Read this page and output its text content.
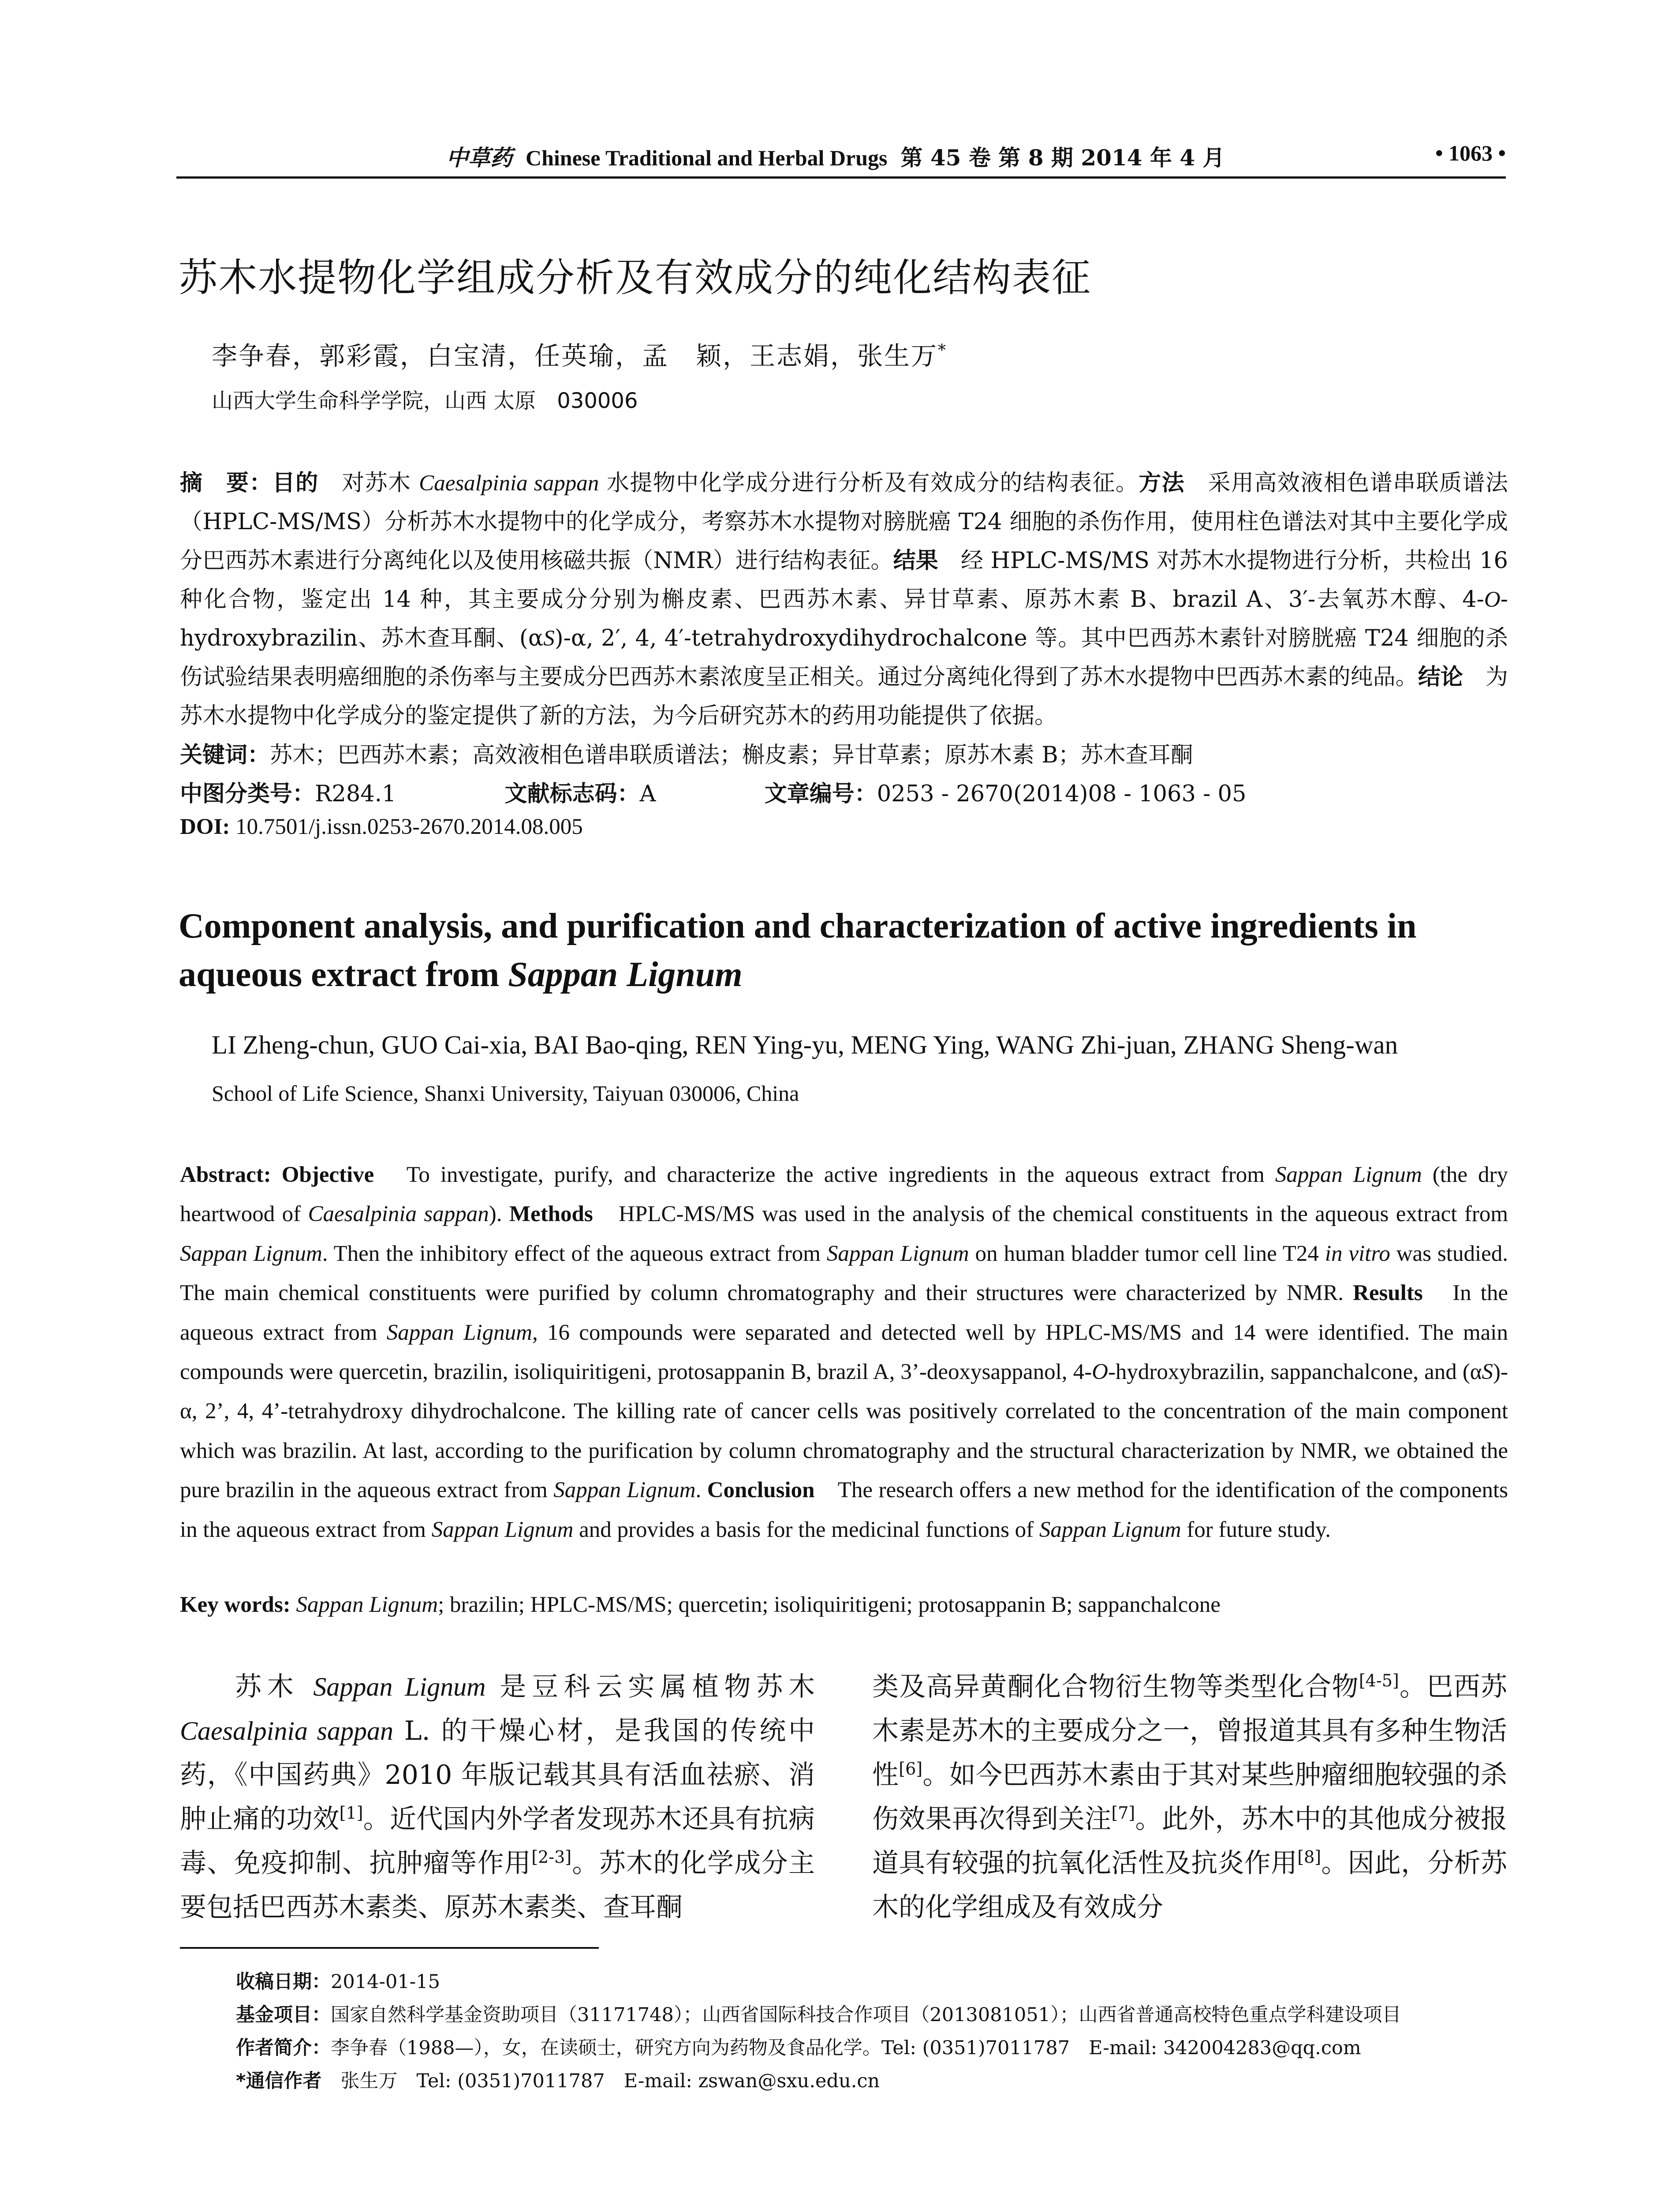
中草药 Chinese Traditional and Herbal Drugs 第 45 卷 第 8 期 2014 年 4 月	• 1063 •
苏木水提物化学组成分析及有效成分的纯化结构表征
李争春，郭彩霞，白宝清，任英瑜，孟　颖，王志娟，张生万*
山西大学生命科学学院，山西 太原　030006
摘　要：目的　对苏木 Caesalpinia sappan 水提物中化学成分进行分析及有效成分的结构表征。方法　采用高效液相色谱串联质谱法（HPLC-MS/MS）分析苏木水提物中的化学成分，考察苏木水提物对膀胱癌 T24 细胞的杀伤作用，使用柱色谱法对其中主要化学成分巴西苏木素进行分离纯化以及使用核磁共振（NMR）进行结构表征。结果　经 HPLC-MS/MS 对苏木水提物进行分析，共检出 16 种化合物，鉴定出 14 种，其主要成分分别为槲皮素、巴西苏木素、异甘草素、原苏木素 B、brazil A、3′-去氧苏木醇、4-O-hydroxybrazilin、苏木查耳酮、(αS)-α, 2′, 4, 4′-tetrahydroxydihydrochalcone 等。其中巴西苏木素针对膀胱癌 T24 细胞的杀伤试验结果表明癌细胞的杀伤率与主要成分巴西苏木素浓度呈正相关。通过分离纯化得到了苏木水提物中巴西苏木素的纯品。结论　为苏木水提物中化学成分的鉴定提供了新的方法，为今后研究苏木的药用功能提供了依据。
关键词：苏木；巴西苏木素；高效液相色谱串联质谱法；槲皮素；异甘草素；原苏木素 B；苏木查耳酮
中图分类号：R284.1	文献标志码：A	文章编号：0253 - 2670(2014)08 - 1063 - 05
DOI: 10.7501/j.issn.0253-2670.2014.08.005
Component analysis, and purification and characterization of active ingredients in aqueous extract from Sappan Lignum
LI Zheng-chun, GUO Cai-xia, BAI Bao-qing, REN Ying-yu, MENG Ying, WANG Zhi-juan, ZHANG Sheng-wan
School of Life Science, Shanxi University, Taiyuan 030006, China
Abstract: Objective　To investigate, purify, and characterize the active ingredients in the aqueous extract from Sappan Lignum (the dry heartwood of Caesalpinia sappan). Methods　HPLC-MS/MS was used in the analysis of the chemical constituents in the aqueous extract from Sappan Lignum. Then the inhibitory effect of the aqueous extract from Sappan Lignum on human bladder tumor cell line T24 in vitro was studied. The main chemical constituents were purified by column chromatography and their structures were characterized by NMR. Results　In the aqueous extract from Sappan Lignum, 16 compounds were separated and detected well by HPLC-MS/MS and 14 were identified. The main compounds were quercetin, brazilin, isoliquiritigeni, protosappanin B, brazil A, 3’-deoxysappanol, 4-O-hydroxybrazilin, sappanchalcone, and (αS)-α, 2’, 4, 4’-tetrahydroxy dihydrochalcone. The killing rate of cancer cells was positively correlated to the concentration of the main component which was brazilin. At last, according to the purification by column chromatography and the structural characterization by NMR, we obtained the pure brazilin in the aqueous extract from Sappan Lignum. Conclusion　The research offers a new method for the identification of the components in the aqueous extract from Sappan Lignum and provides a basis for the medicinal functions of Sappan Lignum for future study.
Key words: Sappan Lignum; brazilin; HPLC-MS/MS; quercetin; isoliquiritigeni; protosappanin B; sappanchalcone
苏木 Sappan Lignum 是豆科云实属植物苏木 Caesalpinia sappan L. 的干燥心材，是我国的传统中药，《中国药典》2010 年版记载其具有活血祛瘀、消肿止痛的功效[1]。近代国内外学者发现苏木还具有抗病毒、免疫抑制、抗肿瘤等作用[2-3]。苏木的化学成分主要包括巴西苏木素类、原苏木素类、查耳酮
类及高异黄酮化合物衍生物等类型化合物[4-5]。巴西苏木素是苏木的主要成分之一，曾报道其具有多种生物活性[6]。如今巴西苏木素由于其对某些肿瘤细胞较强的杀伤效果再次得到关注[7]。此外，苏木中的其他成分被报道具有较强的抗氧化活性及抗炎作用[8]。因此，分析苏木的化学组成及有效成分
收稿日期：2014-01-15
基金项目：国家自然科学基金资助项目（31171748）；山西省国际科技合作项目（2013081051）；山西省普通高校特色重点学科建设项目
作者简介：李争春（1988—），女，在读硕士，研究方向为药物及食品化学。Tel: (0351)7011787　E-mail: 342004283@qq.com
*通信作者　张生万　Tel: (0351)7011787　E-mail: zswan@sxu.edu.cn
